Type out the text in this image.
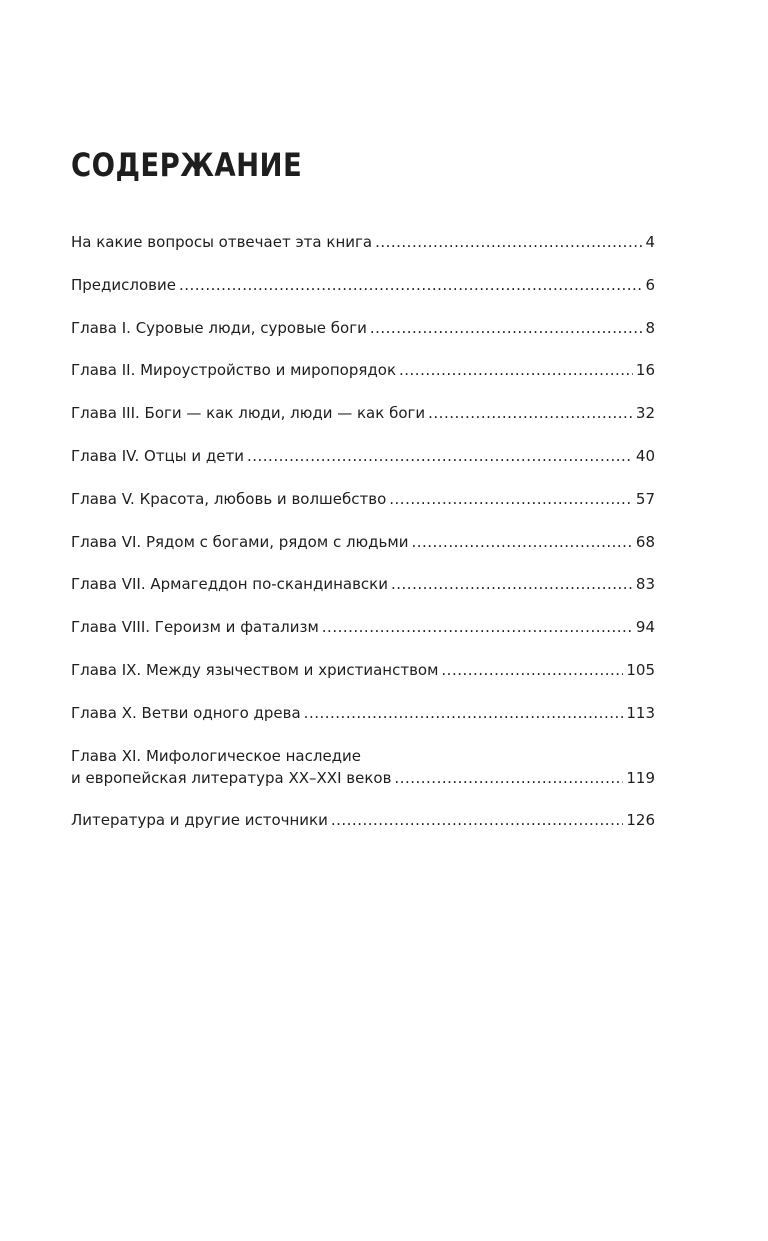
СОДЕРЖАНИЕ
На какие вопросы отвечает эта книга .....	4
Предисловие .....	6
Глава I. Суровые люди, суровые боги .....	8
Глава II. Мироустройство и миропорядок .....	16
Глава III. Боги — как люди, люди — как боги .....	32
Глава IV. Отцы и дети .....	40
Глава V. Красота, любовь и волшебство .....	57
Глава VI. Рядом с богами, рядом с людьми .....	68
Глава VII. Армагеддон по-скандинавски .....	83
Глава VIII. Героизм и фатализм .....	94
Глава IX. Между язычеством и христианством .....	105
Глава X. Ветви одного древа .....	113
Глава XI. Мифологическое наследие
и европейская литература XX–XXI веков .....	119
Литература и другие источники .....	126
